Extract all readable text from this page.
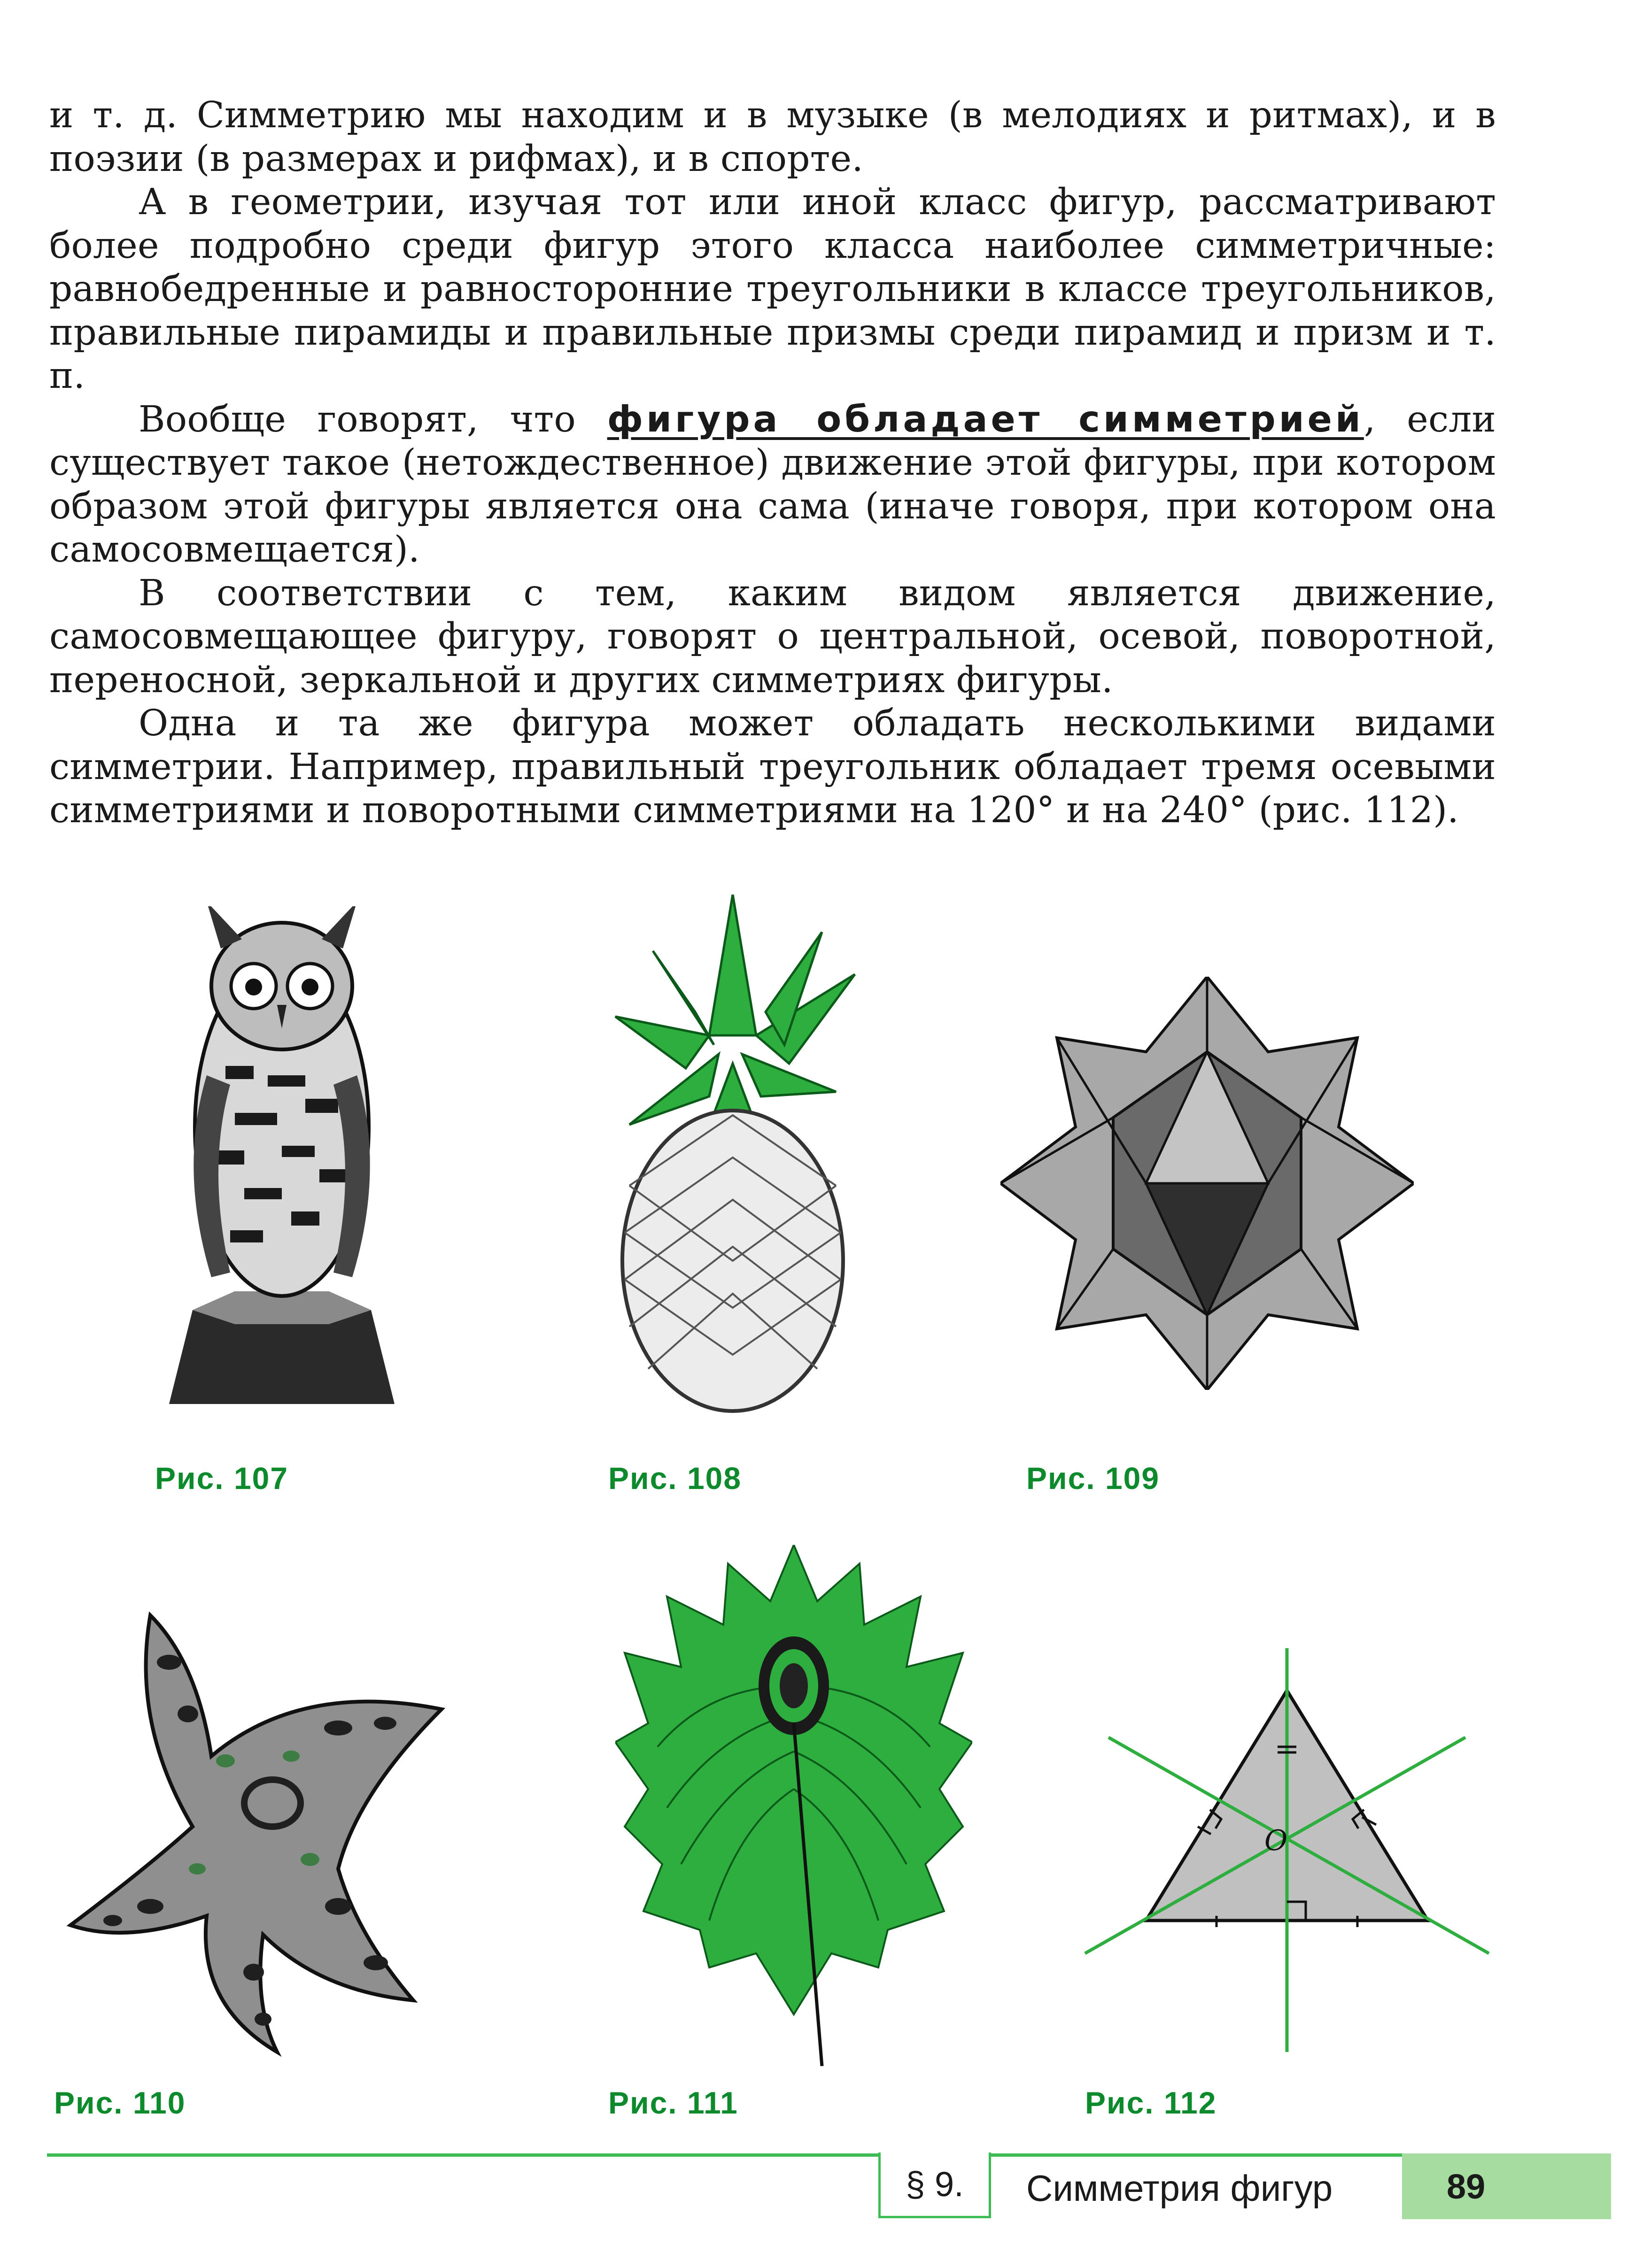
и т. д. Симметрию мы находим и в музыке (в мелодиях и ритмах), и в поэзии (в размерах и рифмах), и в спорте.

А в геометрии, изучая тот или иной класс фигур, рассматривают более подробно среди фигур этого класса наиболее симметричные: равнобедренные и равносторонние треугольники в классе треугольников, правильные пирамиды и правильные призмы среди пирамид и призм и т. п.

Вообще говорят, что фигура обладает симметрией, если существует такое (нетождественное) движение этой фигуры, при котором образом этой фигуры является она сама (иначе говоря, при котором она самосовмещается).

В соответствии с тем, каким видом является движение, самосовмещающее фигуру, говорят о центральной, осевой, поворотной, переносной, зеркальной и других симметриях фигуры.

Одна и та же фигура может обладать несколькими видами симметрии. Например, правильный треугольник обладает тремя осевыми симметриями и поворотными симметриями на 120° и на 240° (рис. 112).

Рис. 107	Рис. 108	Рис. 109
Рис. 110	Рис. 111
O
Рис. 112
§ 9.	Симметрия фигур	89
